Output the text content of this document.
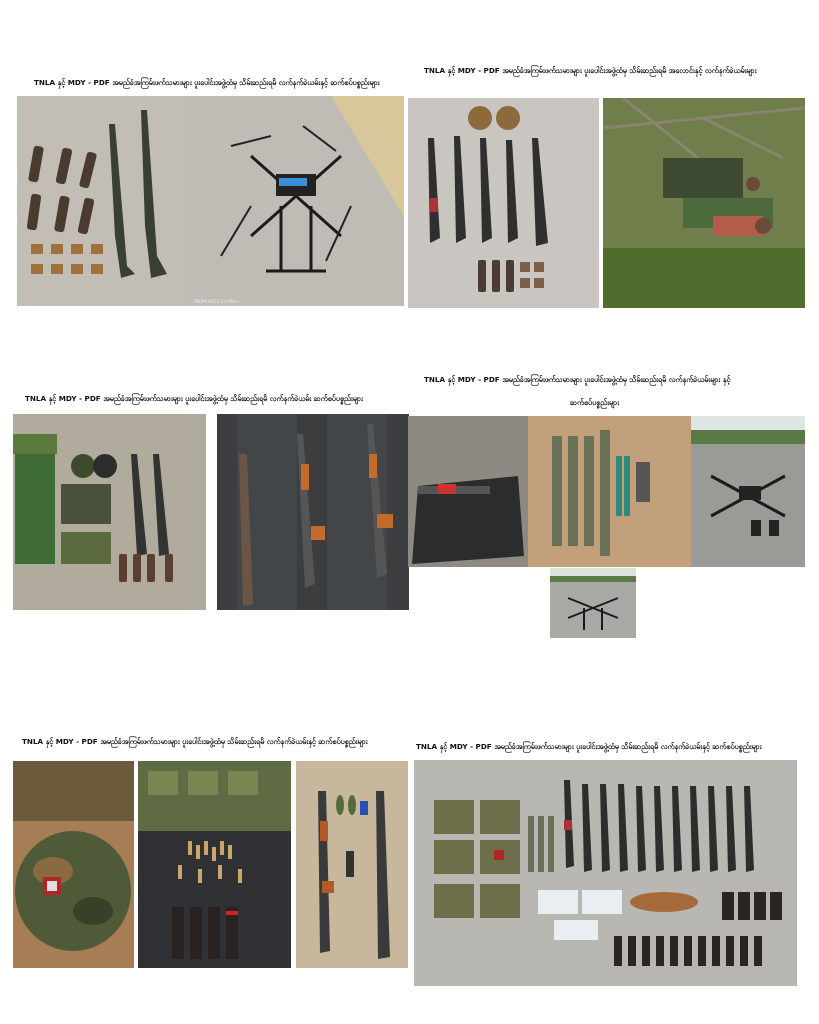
TNLA နှင့် MDY - PDF အမည်ခံအကြမ်းဖက်သမားများ ပူးပေါင်းအဖွဲ့ထံမှ သိမ်းဆည်းရမိ လက်နက်ခဲယမ်းနှင့် ဆက်စပ်ပစ္စည်းများ
REDMI NOTE 13 PRO+
TNLA နှင့် MDY - PDF အမည်ခံအကြမ်းဖက်သမားများ ပူးပေါင်းအဖွဲ့ထံမှ သိမ်းဆည်းရမိ အလောင်းနှင့် လက်နက်ခဲယမ်းများ
TNLA နှင့် MDY - PDF အမည်ခံအကြမ်းဖက်သမားများ ပူးပေါင်းအဖွဲ့ထံမှ သိမ်းဆည်းရမိ လက်နက်ခဲယမ်း ဆက်စပ်ပစ္စည်းများ
TNLA နှင့် MDY - PDF အမည်ခံအကြမ်းဖက်သမားများ ပူးပေါင်းအဖွဲ့ထံမှ သိမ်းဆည်းရမိ လက်နက်ခဲယမ်းများ နှင့်
ဆက်စပ်ပစ္စည်းများ
TNLA နှင့် MDY - PDF အမည်ခံအကြမ်းဖက်သမားများ ပူးပေါင်းအဖွဲ့ထံမှ သိမ်းဆည်းရမိ လက်နက်ခဲယမ်းနှင့် ဆက်စပ်ပစ္စည်းများ
TNLA နှင့် MDY - PDF အမည်ခံအကြမ်းဖက်သမားများ ပူးပေါင်းအဖွဲ့ထံမှ သိမ်းဆည်းရမိ လက်နက်ခဲယမ်းနှင့် ဆက်စပ်ပစ္စည်းများ
